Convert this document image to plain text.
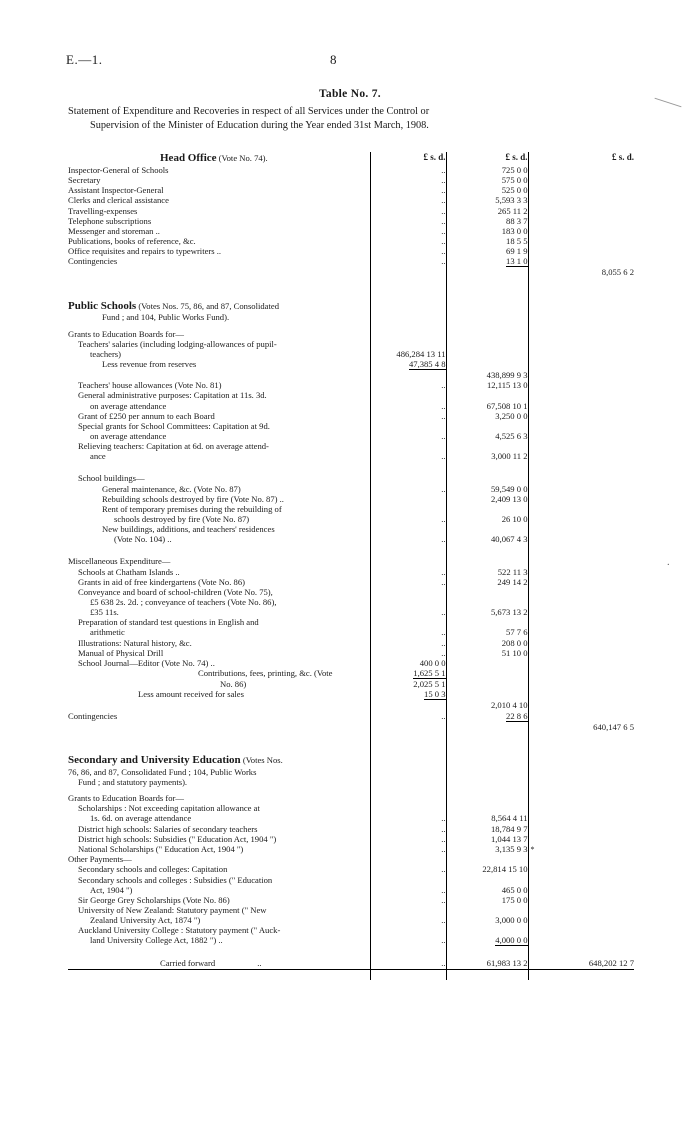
E.—1.	8
Table No. 7.
Statement of Expenditure and Recoveries in respect of all Services under the Control or
Supervision of the Minister of Education during the Year ended 31st March, 1908.
·
Head Office (Vote No. 74).	£ s. d.	£ s. d.	£ s. d.
Inspector-General of Schools	..	725 0 0	
Secretary	..	575 0 0	
Assistant Inspector-General	..	525 0 0	
Clerks and clerical assistance	..	5,593 3 3	
Travelling-expenses	..	265 11 2	
Telephone subscriptions	..	88 3 7	
Messenger and storeman ..	..	183 0 0	
Publications, books of reference, &c.	..	18 5 5	
Office requisites and repairs to typewriters ..	..	69 1 9	
Contingencies	..	13 1 0	
			8,055 6 2

Public Schools (Votes Nos. 75, 86, and 87, Consolidated			
Fund ; and 104, Public Works Fund).			

Grants to Education Boards for—			
Teachers' salaries (including lodging-allowances of pupil-			
teachers)	486,284 13 11		
Less revenue from reserves	47,385 4 8		
		438,899 9 3	
Teachers' house allowances (Vote No. 81)	..	12,115 13 0	
General administrative purposes: Capitation at 11s. 3d.			
on average attendance	..	67,508 10 1	
Grant of £250 per annum to each Board	..	3,250 0 0	
Special grants for School Committees: Capitation at 9d.			
on average attendance	..	4,525 6 3	
Relieving teachers: Capitation at 6d. on average attend-			
ance	..	3,000 11 2	

School buildings—			
General maintenance, &c. (Vote No. 87)	..	59,549 0 0	
Rebuilding schools destroyed by fire (Vote No. 87) ..		2,409 13 0	
Rent of temporary premises during the rebuilding of			
schools destroyed by fire (Vote No. 87)	..	26 10 0	
New buildings, additions, and teachers' residences			
(Vote No. 104) ..	..	40,067 4 3	

Miscellaneous Expenditure—			
Schools at Chatham Islands ..	..	522 11 3	
Grants in aid of free kindergartens (Vote No. 86)	..	249 14 2	
Conveyance and board of school-children (Vote No. 75),			
£5 638 2s. 2d. ; conveyance of teachers (Vote No. 86),			
£35 11s.	..	5,673 13 2	
Preparation of standard test questions in English and			
arithmetic	..	57 7 6	
Illustrations: Natural history, &c.	..	208 0 0	
Manual of Physical Drill	..	51 10 0	
School Journal—Editor (Vote No. 74) ..	400 0 0		
Contributions, fees, printing, &c. (Vote	1,625 5 1		
No. 86)	2,025 5 1		
Less amount received for sales	15 0 3		
		2,010 4 10	
Contingencies	..	22 8 6	
			640,147 6 5

Secondary and University Education (Votes Nos.			
76, 86, and 87, Consolidated Fund ; 104, Public Works			
Fund ; and statutory payments).			

Grants to Education Boards for—			
Scholarships : Not exceeding capitation allowance at			
1s. 6d. on average attendance	..	8,564 4 11	
District high schools: Salaries of secondary teachers	..	18,784 9 7	
District high schools: Subsidies (" Education Act, 1904 ")	..	1,044 13 7	
National Scholarships (" Education Act, 1904 ")	..	3,135 9 3	*
Other Payments—			
Secondary schools and colleges: Capitation	..	22,814 15 10	
Secondary schools and colleges : Subsidies (" Education			
Act, 1904 ")	..	465 0 0	
Sir George Grey Scholarships (Vote No. 86)	..	175 0 0	
University of New Zealand: Statutory payment (" New			
Zealand University Act, 1874 ")	..	3,000 0 0	
Auckland University College : Statutory payment (" Auck-			
land University College Act, 1882 ") ..	..	4,000 0 0	

Carried forward ..	..	61,983 13 2	648,202 12 7
